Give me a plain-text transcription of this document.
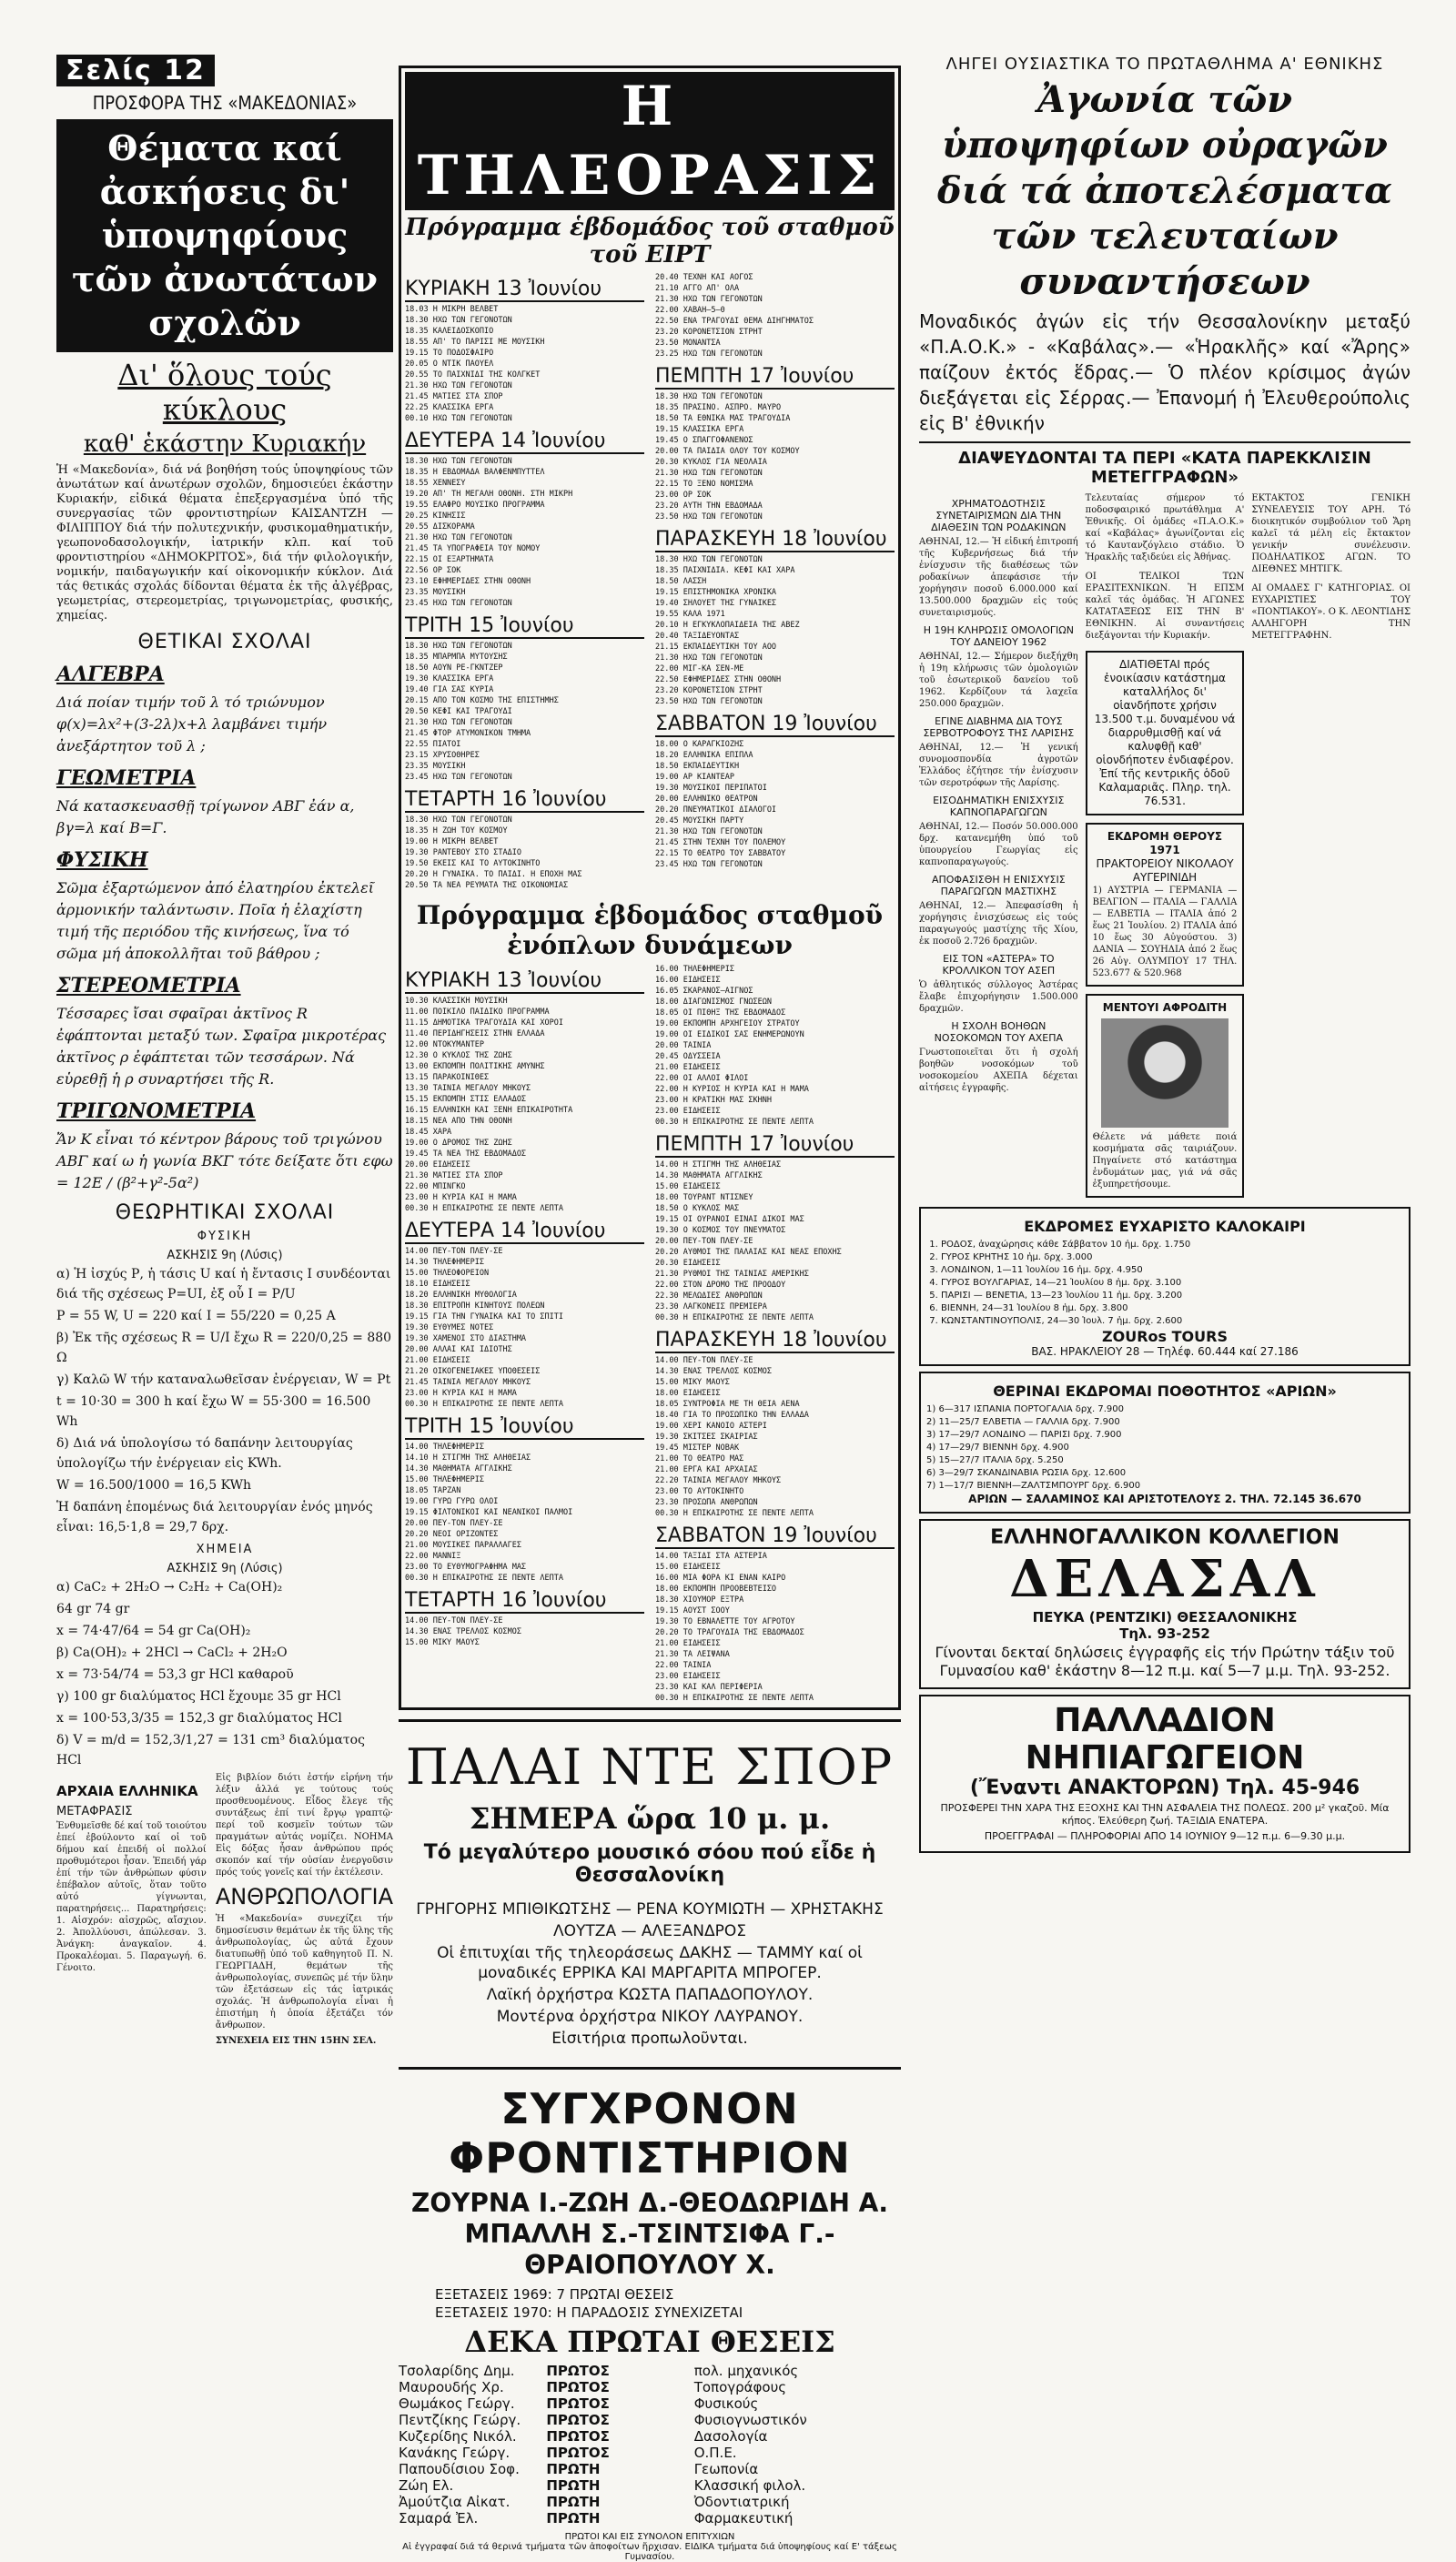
Σελίς 12
ΠΡΟΣΦΟΡΑ ΤΗΣ «ΜΑΚΕΔΟΝΙΑΣ»
Θέματα καί ἀσκήσεις δι' ὑποψηφίους τῶν ἀνωτάτων σχολῶν
Δι' ὅλους τούς κύκλους
καθ' ἑκάστην Κυριακήν

Ἡ «Μακεδονία», διά νά βοηθήση τούς ὑποψηφίους τῶν ἀνωτάτων καί ἀνωτέρων σχολῶν, δημοσιεύει ἑκάστην Κυριακήν, εἰδικά θέματα ἐπεξεργασμένα ὑπό τῆς συνεργασίας τῶν φροντιστηρίων ΚΑΙΣΑΝΤΖΗ — ΦΙΛΙΠΠΟΥ διά τήν πολυτεχνικήν, φυσικομαθηματικήν, γεωπονοδασολογικήν, ἰατρικήν κλπ. καί τοῦ φροντιστηρίου «ΔΗΜΟΚΡΙΤΟΣ», διά τήν φιλολογικήν, νομικήν, παιδαγωγικήν καί οἰκονομικήν κύκλον. Διά τάς θετικάς σχολάς δίδονται θέματα ἐκ τῆς ἀλγέβρας, γεωμετρίας, στερεομετρίας, τριγωνομετρίας, φυσικής, χημείας.

ΘΕΤΙΚΑΙ ΣΧΟΛΑΙ
ΑΛΓΕΒΡΑ
Διά ποίαν τιμήν τοῦ λ τό τριώνυμον φ(x)=λx²+(3-2λ)x+λ λαμβάνει τιμήν ἀνεξάρτητον τοῦ λ ;
ΓΕΩΜΕΤΡΙΑ
Νά κατασκευασθῇ τρίγωνον ΑΒΓ ἐάν α, βγ=λ καί Β=Γ.
ΦΥΣΙΚΗ
Σῶμα ἐξαρτώμενον ἀπό ἐλατηρίου ἐκτελεῖ ἁρμονικήν ταλάντωσιν. Ποῖα ἡ ἐλαχίστη τιμή τῆς περιόδου τῆς κινήσεως, ἵνα τό σῶμα μή ἀποκολλῆται τοῦ βάθρου ;
ΣΤΕΡΕΟΜΕΤΡΙΑ
Τέσσαρες ἴσαι σφαῖραι ἀκτῖνος R ἐφάπτονται μεταξύ των. Σφαῖρα μικροτέρας ἀκτῖνος ρ ἐφάπτεται τῶν τεσσάρων. Νά εὑρεθῇ ἡ ρ συναρτήσει τῆς R.
ΤΡΙΓΩΝΟΜΕΤΡΙΑ
Ἄν Κ εἶναι τό κέντρον βάρους τοῦ τριγώνου ΑΒΓ καί ω ἡ γωνία ΒΚΓ τότε δείξατε ὅτι εφω = 12Ε / (β²+γ²-5α²)
ΘΕΩΡΗΤΙΚΑΙ ΣΧΟΛΑΙ
ΦΥΣΙΚΗ
ΑΣΚΗΣΙΣ 9η (Λύσις)
α) Ἡ ἰσχύς Ρ, ἡ τάσις U καί ἡ ἔντασις Ι συνδέονται διά τῆς σχέσεως P=UI, ἐξ οὗ I = P/U
P = 55 W, U = 220 καί I = 55/220 = 0,25 A
β) Ἐκ τῆς σχέσεως R = U/I ἔχω R = 220/0,25 = 880 Ω
γ) Καλῶ W τήν καταναλωθεῖσαν ἐνέργειαν, W = Pt
t = 10·30 = 300 h καί ἔχω W = 55·300 = 16.500 Wh
δ) Διά νά ὑπολογίσω τό δαπάνην λειτουργίας ὑπολογίζω τήν ἐνέργειαν εἰς KWh.
W = 16.500/1000 = 16,5 KWh
Ἡ δαπάνη ἑπομένως διά λειτουργίαν ἑνός μηνός εἶναι: 16,5·1,8 = 29,7 δρχ.
ΧΗΜΕΙΑ
ΑΣΚΗΣΙΣ 9η (Λύσις)
α) CaC₂ + 2H₂O → C₂H₂ + Ca(OH)₂
64 gr 74 gr
x = 74·47/64 = 54 gr Ca(OH)₂
β) Ca(OH)₂ + 2HCl → CaCl₂ + 2H₂O
x = 73·54/74 = 53,3 gr HCl καθαροῦ
γ) 100 gr διαλύματος HCl ἔχουμε 35 gr HCl
x = 100·53,3/35 = 152,3 gr διαλύματος HCl
δ) V = m/d = 152,3/1,27 = 131 cm³ διαλύματος HCl
ΑΡΧΑΙΑ ΕΛΛΗΝΙΚΑ
ΜΕΤΑΦΡΑΣΙΣ
Ἐνθυμεῖσθε δέ καί τοῦ τοιούτου ἐπεί ἐβούλοντο καί οἱ τοῦ δήμου καί ἐπειδή οἱ πολλοί προθυμότεροι ἦσαν. Ἐπειδή γάρ ἐπί τήν τῶν ἀνθρώπων φύσιν ἐπέβαλον αὐτοῖς, ὅταν τοῦτο αὐτό γίγνωνται, παρατηρήσεις... Παρατηρήσεις: 1. Αἰσχρόν: αἰσχρῶς, αἴσχιον. 2. Ἀπολλύουσι, ἀπώλεσαν. 3. Ἀνάγκη: ἀναγκαῖον. 4. Προκαλέομαι. 5. Παραγωγή. 6. Γένοιτο.
Εἰς βιβλίον διότι ἐστήν εἰρήνη τήν λέξιν ἀλλά γε τούτους τούς προσθευομένους. Εἶδος ἔλεγε τῆς συντάξεως ἐπί τινί ἔργῳ γραπτῷ· περί τοῦ κοσμεῖν τούτων τῶν πραγμάτων αὐτάς νομίζει. ΝΟΗΜΑ Εἰς δόξας ἦσαν ἀνθρώπου πρός σκοπόν καί τήν οὐσίαν ἐνεργοῦσιν πρός τούς γονεῖς καί τήν ἐκτέλεσιν.
ΑΝΘΡΩΠΟΛΟΓΙΑ
Ἡ «Μακεδονία» συνεχίζει τήν δημοσίευσιν θεμάτων ἐκ τῆς ὕλης τῆς ἀνθρωπολογίας, ὡς αὐτά ἔχουν διατυπωθῇ ὑπό τοῦ καθηγητοῦ Π. Ν. ΓΕΩΡΓΙΑΔΗ, θεμάτων τῆς ἀνθρωπολογίας, συνεπῶς μέ τήν ὕλην τῶν ἐξετάσεων εἰς τάς ἰατρικάς σχολάς. Ἡ ἀνθρωπολογία εἶναι ἡ ἐπιστήμη ἡ ὁποία ἐξετάζει τόν ἄνθρωπον.
ΣΥΝΕΧΕΙΑ ΕΙΣ ΤΗΝ 15ΗΝ ΣΕΛ.
Η ΤΗΛΕΟΡΑΣΙΣ
Πρόγραμμα ἑβδομάδος τοῦ σταθμοῦ τοῦ ΕΙΡΤ
ΚΥΡΙΑΚΗ 13 Ἰουνίου
18.03 Η ΜΙΚΡΗ ΒΕΛΒΕΤ
18.30 ΗΧΩ ΤΩΝ ΓΕΓΟΝΟΤΩΝ
18.35 ΚΑΛΕΙΔΟΣΚΟΠΙΟ
18.55 ΑΠ' ΤΟ ΠΑΡΙΣΙ ΜΕ ΜΟΥΣΙΚΗ
19.15 ΤΟ ΠΟΔΟΣΦΑΙΡΟ
20.05 Ο ΝΤΙΚ ΠΑΟΥΕΛ
20.55 ΤΟ ΠΑΙΧΝΙΔΙ ΤΗΣ ΚΟΛΓΚΕΤ
21.30 ΗΧΩ ΤΩΝ ΓΕΓΟΝΟΤΩΝ
21.45 ΜΑΤΙΕΣ ΣΤΑ ΣΠΟΡ
22.25 ΚΛΑΣΣΙΚΑ ΕΡΓΑ
00.10 ΗΧΩ ΤΩΝ ΓΕΓΟΝΟΤΩΝ
ΔΕΥΤΕΡΑ 14 Ἰουνίου
18.30 ΗΧΩ ΤΩΝ ΓΕΓΟΝΟΤΩΝ
18.35 Η ΕΒΔΟΜΑΔΑ ΒΑΛΦΕΝΜΠΥΤΤΕΛ
18.55 ΧΕΝΝΕΣΥ
19.20 ΑΠ' ΤΗ ΜΕΓΑΛΗ ΟΘΟΝΗ. ΣΤΗ ΜΙΚΡΗ
19.55 ΕΛΑΦΡΟ ΜΟΥΣΙΚΟ ΠΡΟΓΡΑΜΜΑ
20.25 ΚΙΝΗΣΙΣ
20.55 ΔΙΣΚΟΡΑΜΑ
21.30 ΗΧΩ ΤΩΝ ΓΕΓΟΝΟΤΩΝ
21.45 ΤΑ ΥΠΟΓΡΑΦΕΙΑ ΤΟΥ ΝΟΜΟΥ
22.15 ΟΙ ΕΞΑΡΤΗΜΑΤΑ
22.56 ΟΡ ΣΟΚ
23.10 ΕΦΗΜΕΡΙΔΕΣ ΣΤΗΝ ΟΘΟΝΗ
23.35 ΜΟΥΣΙΚΗ
23.45 ΗΧΩ ΤΩΝ ΓΕΓΟΝΟΤΩΝ
ΤΡΙΤΗ 15 Ἰουνίου
18.30 ΗΧΩ ΤΩΝ ΓΕΓΟΝΟΤΩΝ
18.35 ΜΠΑΡΜΠΑ ΜΥΤΟΥΣΗΣ
18.50 ΑΟΥΝ ΡΕ-ΓΚΝΤΖΕΡ
19.30 ΚΛΑΣΣΙΚΑ ΕΡΓΑ
19.40 ΓΙΑ ΣΑΣ ΚΥΡΙΑ
20.15 ΑΠΟ ΤΟΝ ΚΟΣΜΟ ΤΗΣ ΕΠΙΣΤΗΜΗΣ
20.50 ΚΕΦΙ ΚΑΙ ΤΡΑΓΟΥΔΙ
21.30 ΗΧΩ ΤΩΝ ΓΕΓΟΝΟΤΩΝ
21.45 ΦΤΟΡ ΑΤΥΜΟΝΙΚΟΝ ΤΜΗΜΑ
22.55 ΠΙΑΤΟΙ
23.15 ΧΡΥΣΟΘΗΡΕΣ
23.35 ΜΟΥΣΙΚΗ
23.45 ΗΧΩ ΤΩΝ ΓΕΓΟΝΟΤΩΝ
ΤΕΤΑΡΤΗ 16 Ἰουνίου
18.30 ΗΧΩ ΤΩΝ ΓΕΓΟΝΟΤΩΝ
18.35 Η ΖΩΗ ΤΟΥ ΚΟΣΜΟΥ
19.00 Η ΜΙΚΡΗ ΒΕΛΒΕΤ
19.30 ΡΑΝΤΕΒΟΥ ΣΤΟ ΣΤΑΔΙΟ
19.50 ΕΚΕΙΣ ΚΑΙ ΤΟ ΑΥΤΟΚΙΝΗΤΟ
20.20 Η ΓΥΝΑΙΚΑ. ΤΟ ΠΑΙΔΙ. Η ΕΠΟΧΗ ΜΑΣ
20.50 ΤΑ ΝΕΑ ΡΕΥΜΑΤΑ ΤΗΣ ΟΙΚΟΝΟΜΙΑΣ
20.40 ΤΕΧΝΗ ΚΑΙ ΑΟΓΟΣ
21.10 ΑΓΓΟ ΑΠ' ΟΛΑ
21.30 ΗΧΩ ΤΩΝ ΓΕΓΟΝΟΤΩΝ
22.00 ΧΑΒΑΗ—5—0
22.50 ΕΝΑ ΤΡΑΓΟΥΔΙ ΘΕΜΑ ΔΙΗΓΗΜΑΤΟΣ
23.20 ΚΟΡΟΝΕΤΣΙΟΝ ΣΤΡΗΤ
23.50 ΜΟΝΑΝΤΣΑ
23.25 ΗΧΩ ΤΩΝ ΓΕΓΟΝΟΤΩΝ
ΠΕΜΠΤΗ 17 Ἰουνίου
18.30 ΗΧΩ ΤΩΝ ΓΕΓΟΝΟΤΩΝ
18.35 ΠΡΑΣΙΝΟ. ΑΣΠΡΟ. ΜΑΥΡΟ
18.50 ΤΑ ΕΘΝΙΚΑ ΜΑΣ ΤΡΑΓΟΥΔΙΑ
19.15 ΚΛΑΣΣΙΚΑ ΕΡΓΑ
19.45 Ο ΣΠΑΓΓΟΦΑΝΕΝΟΣ
20.00 ΤΑ ΠΑΙΔΙΑ ΟΛΟΥ ΤΟΥ ΚΟΣΜΟΥ
20.30 ΚΥΚΛΟΣ ΓΙΑ ΝΕΟΛΑΙΑ
21.30 ΗΧΩ ΤΩΝ ΓΕΓΟΝΟΤΩΝ
22.15 ΤΟ ΞΕΝΟ ΝΟΜΙΣΜΑ
23.00 ΟΡ ΣΟΚ
23.20 ΑΥΤΗ ΤΗΝ ΕΒΔΟΜΑΔΑ
23.50 ΗΧΩ ΤΩΝ ΓΕΓΟΝΟΤΩΝ
ΠΑΡΑΣΚΕΥΗ 18 Ἰουνίου
18.30 ΗΧΩ ΤΩΝ ΓΕΓΟΝΟΤΩΝ
18.35 ΠΑΙΧΝΙΔΙΑ. ΚΕΦΙ ΚΑΙ ΧΑΡΑ
18.50 ΛΑΣΣΗ
19.15 ΕΠΙΣΤΗΜΟΝΙΚΑ ΧΡΟΝΙΚΑ
19.40 ΣΗΛΟΥΕΤ ΤΗΣ ΓΥΝΑΙΚΕΣ
19.55 ΚΑΛΑ 1971
20.10 Η ΕΓΚΥΚΛΟΠΑΙΔΕΙΑ ΤΗΣ ΑΒΕΖ
20.40 ΤΑΞΙΔΕΥΟΝΤΑΣ
21.15 ΕΚΠΑΙΔΕΥΤΙΚΗ ΤΟΥ ΑΟΟ
21.30 ΗΧΩ ΤΩΝ ΓΕΓΟΝΟΤΩΝ
22.00 ΜΙΓ-ΚΑ ΣΕΝ-ΜΕ
22.50 ΕΦΗΜΕΡΙΔΕΣ ΣΤΗΝ ΟΘΟΝΗ
23.20 ΚΟΡΟΝΕΤΣΙΟΝ ΣΤΡΗΤ
23.50 ΗΧΩ ΤΩΝ ΓΕΓΟΝΟΤΩΝ
ΣΑΒΒΑΤΟΝ 19 Ἰουνίου
18.00 Ο ΚΑΡΑΓΚΙΟΖΗΣ
18.20 ΕΛΛΗΝΙΚΑ ΕΠΙΠΛΑ
18.50 ΕΚΠΑΙΔΕΥΤΙΚΗ
19.00 ΑΡ ΚΙΑΝΤΕΑΡ
19.30 ΜΟΥΣΙΚΟΙ ΠΕΡΙΠΑΤΟΙ
20.00 ΕΛΛΗΝΙΚΟ ΘΕΑΤΡΟΝ
20.20 ΠΝΕΥΜΑΤΙΚΟΙ ΔΙΑΛΟΓΟΙ
20.45 ΜΟΥΣΙΚΗ ΠΑΡΤΥ
21.30 ΗΧΩ ΤΩΝ ΓΕΓΟΝΟΤΩΝ
21.45 ΣΤΗΝ ΤΕΧΝΗ ΤΟΥ ΠΟΛΕΜΟΥ
22.15 ΤΟ ΘΕΑΤΡΟ ΤΟΥ ΣΑΒΒΑΤΟΥ
23.45 ΗΧΩ ΤΩΝ ΓΕΓΟΝΟΤΩΝ
Πρόγραμμα ἑβδομάδος σταθμοῦ ἐνόπλων δυνάμεων
ΚΥΡΙΑΚΗ 13 Ἰουνίου
10.30 ΚΛΑΣΣΙΚΗ ΜΟΥΣΙΚΗ
11.00 ΠΟΙΚΙΛΟ ΠΑΙΔΙΚΟ ΠΡΟΓΡΑΜΜΑ
11.15 ΔΗΜΟΤΙΚΑ ΤΡΑΓΟΥΔΙΑ ΚΑΙ ΧΟΡΟΙ
11.40 ΠΕΡΙΔΗΓΗΣΕΙΣ ΣΤΗΝ ΕΛΛΑΔΑ
12.00 ΝΤΟΚΥΜΑΝΤΕΡ
12.30 Ο ΚΥΚΛΟΣ ΤΗΣ ΖΩΗΣ
13.00 ΕΚΠΟΜΠΗ ΠΟΛΙΤΙΚΗΣ ΑΜΥΝΗΣ
13.15 ΠΑΡΑΚΟΙΝΙΘΕΣ
13.30 ΤΑΙΝΙΑ ΜΕΓΑΛΟΥ ΜΗΚΟΥΣ
15.15 ΕΚΠΟΜΠΗ ΣΤΙΣ ΕΛΛΑΔΟΣ
16.15 ΕΛΛΗΝΙΚΗ ΚΑΙ ΞΕΝΗ ΕΠΙΚΑΙΡΟΤΗΤΑ
18.15 ΝΕΑ ΑΠΟ ΤΗΝ ΟΘΟΝΗ
18.45 ΧΑΡΑ
19.00 Ο ΔΡΟΜΟΣ ΤΗΣ ΖΩΗΣ
19.45 ΤΑ ΝΕΑ ΤΗΣ ΕΒΔΟΜΑΔΟΣ
20.00 ΕΙΔΗΣΕΙΣ
21.30 ΜΑΤΙΕΣ ΣΤΑ ΣΠΟΡ
22.00 ΜΠΙΝΓΚΟ
23.00 Η ΚΥΡΙΑ ΚΑΙ Η ΜΑΜΑ
00.30 Η ΕΠΙΚΑΙΡΟΤΗΣ ΣΕ ΠΕΝΤΕ ΛΕΠΤΑ
ΔΕΥΤΕΡΑ 14 Ἰουνίου
14.00 ΠΕΥ-ΤΟΝ ΠΛΕΥ-ΣΕ
14.30 ΤΗΛΕΦΗΜΕΡΙΣ
15.00 ΤΗΛΕΟΦΟΡΕΙΟΝ
18.10 ΕΙΔΗΣΕΙΣ
18.20 ΕΛΛΗΝΙΚΗ ΜΥΘΟΛΟΓΙΑ
18.30 ΕΠΙΤΡΟΠΗ ΚΙΝΗΤΟΥΣ ΠΟΛΕΩΝ
19.15 ΓΙΑ ΤΗΝ ΓΥΝΑΙΚΑ ΚΑΙ ΤΟ ΣΠΙΤΙ
19.30 ΕΥΘΥΜΕΣ ΝΟΤΕΣ
19.30 ΧΑΜΕΝΟΙ ΣΤΟ ΔΙΑΣΤΗΜΑ
20.00 ΑΛΛΑΙ ΚΑΙ ΙΔΙΟΤΗΣ
21.00 ΕΙΔΗΣΕΙΣ
21.20 ΟΙΚΟΓΕΝΕΙΑΚΕΣ ΥΠΟΘΕΣΕΙΣ
21.45 ΤΑΙΝΙΑ ΜΕΓΑΛΟΥ ΜΗΚΟΥΣ
23.00 Η ΚΥΡΙΑ ΚΑΙ Η ΜΑΜΑ
00.30 Η ΕΠΙΚΑΙΡΟΤΗΣ ΣΕ ΠΕΝΤΕ ΛΕΠΤΑ
ΤΡΙΤΗ 15 Ἰουνίου
14.00 ΤΗΛΕΦΗΜΕΡΙΣ
14.10 Η ΣΤΙΓΜΗ ΤΗΣ ΑΛΗΘΕΙΑΣ
14.30 ΜΑΘΗΜΑΤΑ ΑΓΓΛΙΚΗΣ
15.00 ΤΗΛΕΦΗΜΕΡΙΣ
18.05 ΤΑΡΖΑΝ
19.00 ΓΥΡΩ ΓΥΡΩ ΟΛΟΙ
19.15 ΦΙΛΤΟΝΙΚΟΙ ΚΑΙ ΝΕΑΝΙΚΟΙ ΠΑΛΜΟΙ
20.00 ΠΕΥ-ΤΟΝ ΠΛΕΥ-ΣΕ
20.20 ΝΕΟΙ ΟΡΙΖΟΝΤΕΣ
21.00 ΜΟΥΣΙΚΕΣ ΠΑΡΑΛΛΑΓΕΣ
22.00 ΜΑΝΝΙΞ
23.00 ΤΟ ΕΥΘΥΜΟΓΡΑΦΗΜΑ ΜΑΣ
00.30 Η ΕΠΙΚΑΙΡΟΤΗΣ ΣΕ ΠΕΝΤΕ ΛΕΠΤΑ
ΤΕΤΑΡΤΗ 16 Ἰουνίου
14.00 ΠΕΥ-ΤΟΝ ΠΛΕΥ-ΣΕ
14.30 ΕΝΑΣ ΤΡΕΛΛΟΣ ΚΟΣΜΟΣ
15.00 ΜΙΚΥ ΜΑΟΥΣ
16.00 ΤΗΛΕΦΗΜΕΡΙΣ
16.00 ΕΙΔΗΣΕΙΣ
16.05 ΣΚΑΡΑΝΟΣ—ΑΙΓΝΟΣ
18.00 ΔΙΑΓΩΝΙΣΜΟΣ ΓΝΩΣΕΩΝ
18.05 ΟΙ ΠΙΘΗΞ ΤΗΣ ΕΒΔΟΜΑΔΟΣ
19.00 ΕΚΠΟΜΠΗ ΑΡΧΗΓΕΙΟΥ ΣΤΡΑΤΟΥ
19.00 ΟΙ ΕΙΔΙΚΟΙ ΣΑΣ ΕΝΗΜΕΡΩΝΟΥΝ
20.00 ΤΑΙΝΙΑ
20.45 ΟΔΥΣΣΕΙΑ
21.00 ΕΙΔΗΣΕΙΣ
22.00 ΟΙ ΑΛΛΟΙ ΦΙΛΟΙ
22.00 Η ΚΥΡΙΟΣ Η ΚΥΡΙΑ ΚΑΙ Η ΜΑΜΑ
23.00 Η ΚΡΑΤΙΚΗ ΜΑΣ ΣΚΗΝΗ
23.00 ΕΙΔΗΣΕΙΣ
00.30 Η ΕΠΙΚΑΙΡΟΤΗΣ ΣΕ ΠΕΝΤΕ ΛΕΠΤΑ
ΠΕΜΠΤΗ 17 Ἰουνίου
14.00 Η ΣΤΙΓΜΗ ΤΗΣ ΑΛΗΘΕΙΑΣ
14.30 ΜΑΘΗΜΑΤΑ ΑΓΓΛΙΚΗΣ
15.00 ΕΙΔΗΣΕΙΣ
18.00 ΤΟΥΡΑΝΤ ΝΤΙΣΝΕΥ
18.50 Ο ΚΥΚΛΟΣ ΜΑΣ
19.15 ΟΙ ΟΥΡΑΝΟΙ ΕΙΝΑΙ ΔΙΚΟΙ ΜΑΣ
19.30 Ο ΚΟΣΜΟΣ ΤΟΥ ΠΝΕΥΜΑΤΟΣ
20.00 ΠΕΥ-ΤΟΝ ΠΛΕΥ-ΣΕ
20.20 ΑΥΘΜΟΙ ΤΗΣ ΠΑΛΑΙΑΣ ΚΑΙ ΝΕΑΣ ΕΠΟΧΗΣ
20.30 ΕΙΔΗΣΕΙΣ
21.30 ΡΥΘΜΟΙ ΤΗΣ ΤΑΙΝΙΑΣ ΑΜΕΡΙΚΗΣ
22.00 ΣΤΟΝ ΔΡΟΜΟ ΤΗΣ ΠΡΟΟΔΟΥ
22.30 ΜΕΛΩΔΙΕΣ ΑΝΘΡΩΠΩΝ
23.30 ΛΑΓΚΟΝΕΙΣ ΠΡΕΜΙΕΡΑ
00.30 Η ΕΠΙΚΑΙΡΟΤΗΣ ΣΕ ΠΕΝΤΕ ΛΕΠΤΑ
ΠΑΡΑΣΚΕΥΗ 18 Ἰουνίου
14.00 ΠΕΥ-ΤΟΝ ΠΛΕΥ-ΣΕ
14.30 ΕΝΑΣ ΤΡΕΛΛΟΣ ΚΟΣΜΟΣ
15.00 ΜΙΚΥ ΜΑΟΥΣ
18.00 ΕΙΔΗΣΕΙΣ
18.05 ΣΥΝΤΡΟΦΙΑ ΜΕ ΤΗ ΘΕΙΑ ΑΕΝΑ
18.40 ΓΙΑ ΤΟ ΠΡΟΣΩΠΙΚΟ ΤΗΝ ΕΛΛΑΔΑ
19.00 ΧΕΡΙ ΚΑΝΟΙΟ ΑΣΤΕΡΙ
19.30 ΣΚΙΤΣΕΣ ΣΚΑΙΡΙΑΣ
19.45 ΜΙΣΤΕΡ ΝΟΒΑΚ
21.00 ΤΟ ΘΕΑΤΡΟ ΜΑΣ
21.00 ΕΡΓΑ ΚΑΙ ΑΡΧΑΙΑΣ
22.20 ΤΑΙΝΙΑ ΜΕΓΑΛΟΥ ΜΗΚΟΥΣ
23.00 ΤΟ ΑΥΤΟΚΙΝΗΤΟ
23.30 ΠΡΟΣΩΠΑ ΑΝΘΡΩΠΩΝ
00.30 Η ΕΠΙΚΑΙΡΟΤΗΣ ΣΕ ΠΕΝΤΕ ΛΕΠΤΑ
ΣΑΒΒΑΤΟΝ 19 Ἰουνίου
14.00 ΤΑΞΙΔΙ ΣΤΑ ΑΣΤΕΡΙΑ
15.00 ΕΙΔΗΣΕΙΣ
16.00 ΜΙΑ ΦΟΡΑ ΚΙ ΕΝΑΝ ΚΑΙΡΟ
18.00 ΕΚΠΟΜΠΗ ΠΡΟΟΒΕΒΤΕΙΣΟ
18.30 ΧΙΟΥΜΟΡ ΕΞΤΡΑ
19.15 ΑΟΥΣΤ ΣΟΟΥ
19.30 ΤΟ ΕΒΝΑΛΕΤΤΕ ΤΟΥ ΑΓΡΟΤΟΥ
20.20 ΤΟ ΤΡΑΓΟΥΔΙΑ ΤΗΣ ΕΒΔΟΜΑΔΟΣ
21.00 ΕΙΔΗΣΕΙΣ
21.30 ΤΑ ΛΕΙΨΑΝΑ
22.00 ΤΑΙΝΙΑ
23.00 ΕΙΔΗΣΕΙΣ
23.30 ΚΑΙ ΚΑΛ ΠΕΡΙΦΕΡΙΑ
00.30 Η ΕΠΙΚΑΙΡΟΤΗΣ ΣΕ ΠΕΝΤΕ ΛΕΠΤΑ
ΠΑΛΑΙ ΝΤΕ ΣΠΟΡ
ΣΗΜΕΡΑ ὥρα 10 μ. μ.
Τό μεγαλύτερο μουσικό σόου πού εἶδε ἡ Θεσσαλονίκη

ΓΡΗΓΟΡΗΣ ΜΠΙΘΙΚΩΤΣΗΣ — ΡΕΝΑ ΚΟΥΜΙΩΤΗ — ΧΡΗΣΤΑΚΗΣ

ΛΟΥΤΖΑ — ΑΛΕΞΑΝΔΡΟΣ

Οἱ ἐπιτυχίαι τῆς τηλεοράσεως ΔΑΚΗΣ — ΤΑΜΜΥ καί οἱ μοναδικές ΕΡΡΙΚΑ ΚΑΙ ΜΑΡΓΑΡΙΤΑ ΜΠΡΟΓΕΡ.

Λαϊκή ὀρχήστρα ΚΩΣΤΑ ΠΑΠΑΔΟΠΟΥΛΟΥ.

Μοντέρνα ὀρχήστρα ΝΙΚΟΥ ΛΑΥΡΑΝΟΥ.

Εἰσιτήρια προπωλοῦνται.

ΣΥΓΧΡΟΝΟΝ ΦΡΟΝΤΙΣΤΗΡΙΟΝ
ΖΟΥΡΝΑ Ι.-ΖΩΗ Δ.-ΘΕΟΔΩΡΙΔΗ Α.
ΜΠΑΛΛΗ Σ.-ΤΣΙΝΤΣΙΦΑ Γ.-ΘΡΑΙΟΠΟΥΛΟΥ Χ.
ΕΞΕΤΑΣΕΙΣ 1969: 7 ΠΡΩΤΑΙ ΘΕΣΕΙΣ
ΕΞΕΤΑΣΕΙΣ 1970: Η ΠΑΡΑΔΟΣΙΣ ΣΥΝΕΧΙΖΕΤΑΙ
ΔΕΚΑ ΠΡΩΤΑΙ ΘΕΣΕΙΣ
Τσολαρίδης Δημ.	ΠΡΩΤΟΣ	πολ. μηχανικός
Μαυρουδής Χρ.	ΠΡΩΤΟΣ	Τοπογράφους
Θωμάκος Γεώργ.	ΠΡΩΤΟΣ	Φυσικούς
Πεντζίκης Γεώργ.	ΠΡΩΤΟΣ	Φυσιογνωστικόν
Κυζερίδης Νικόλ.	ΠΡΩΤΟΣ	Δασολογία
Κανάκης Γεώργ.	ΠΡΩΤΟΣ	Ο.Π.Ε.
Παπουδίσιου Σοφ.	ΠΡΩΤΗ	Γεωπονία
Ζώη Ελ.	ΠΡΩΤΗ	Κλασσική φιλολ.
Ἀμούτζια Αἰκατ.	ΠΡΩΤΗ	Ὀδοντιατρική
Σαμαρά Ἐλ.	ΠΡΩΤΗ	Φαρμακευτική
ΠΡΩΤΟΙ ΚΑΙ ΕΙΣ ΣΥΝΟΛΟΝ ΕΠΙΤΥΧΙΩΝ
Αἱ ἐγγραφαί διά τά θερινά τμήματα τῶν ἀποφοίτων ἤρχισαν. ΕΙΔΙΚΑ τμήματα διά ὑποψηφίους καί Ε' τάξεως Γυμνασίου.
ΛΗΓΕΙ ΟΥΣΙΑΣΤΙΚΑ ΤΟ ΠΡΩΤΑΘΛΗΜΑ Α' ΕΘΝΙΚΗΣ
Ἀγωνία τῶν ὑποψηφίων οὐραγῶν διά τά ἀποτελέσματα τῶν τελευταίων συναντήσεων
Μοναδικός ἀγών εἰς τήν Θεσσαλονίκην μεταξύ «Π.Α.Ο.Κ.» - «Καβάλας».— «Ἡρακλῆς» καί «Ἄρης» παίζουν ἐκτός ἕδρας.— Ὁ πλέον κρίσιμος ἀγών διεξάγεται εἰς Σέρρας.— Ἐπανομή ἡ Ἐλευθερούπολις εἰς Β' ἐθνικήν
ΔΙΑΨΕΥΔΟΝΤΑΙ ΤΑ ΠΕΡΙ «ΚΑΤΑ ΠΑΡΕΚΚΛΙΣΙΝ ΜΕΤΕΓΓΡΑΦΩΝ»
ΧΡΗΜΑΤΟΔΟΤΗΣΙΣ ΣΥΝΕΤΑΙΡΙΣΜΩΝ ΔΙΑ ΤΗΝ ΔΙΑΘΕΣΙΝ ΤΩΝ ΡΟΔΑΚΙΝΩΝ
ΑΘΗΝΑΙ, 12.— Ἡ εἰδική ἐπιτροπή τῆς Κυβερνήσεως διά τήν ἐνίσχυσιν τῆς διαθέσεως τῶν ροδακίνων ἀπεφάσισε τήν χορήγησιν ποσοῦ 6.000.000 καί 13.500.000 δραχμῶν εἰς τούς συνεταιρισμούς.
Η 19Η ΚΛΗΡΩΣΙΣ ΟΜΟΛΟΓΙΩΝ ΤΟΥ ΔΑΝΕΙΟΥ 1962
ΑΘΗΝΑΙ, 12.— Σήμερον διεξήχθη ἡ 19η κλήρωσις τῶν ὁμολογιῶν τοῦ ἐσωτερικοῦ δανείου τοῦ 1962. Κερδίζουν τά λαχεῖα 250.000 δραχμῶν.
ΕΓΙΝΕ ΔΙΑΒΗΜΑ ΔΙΑ ΤΟΥΣ ΣΕΡΒΟΤΡΟΦΟΥΣ ΤΗΣ ΛΑΡΙΣΗΣ
ΑΘΗΝΑΙ, 12.— Ἡ γενική συνομοσπονδία ἀγροτῶν Ἑλλάδος ἐζήτησε τήν ἐνίσχυσιν τῶν σεροτρόφων τῆς Λαρίσης.
ΕΙΣΟΔΗΜΑΤΙΚΗ ΕΝΙΣΧΥΣΙΣ ΚΑΠΝΟΠΑΡΑΓΩΓΩΝ
ΑΘΗΝΑΙ, 12.— Ποσόν 50.000.000 δρχ. κατανεμήθη ὑπό τοῦ ὑπουργείου Γεωργίας εἰς καπνοπαραγωγούς.
ΑΠΟΦΑΣΙΣΘΗ Η ΕΝΙΣΧΥΣΙΣ ΠΑΡΑΓΩΓΩΝ ΜΑΣΤΙΧΗΣ
ΑΘΗΝΑΙ, 12.— Ἀπεφασίσθη ἡ χορήγησις ἐνισχύσεως εἰς τούς παραγωγούς μαστίχης τῆς Χίου, ἐκ ποσοῦ 2.726 δραχμῶν.
ΕΙΣ ΤΟΝ «ΑΣΤΕΡΑ» ΤΟ ΚΡΟΛΛΙΚΟΝ ΤΟΥ ΑΣΕΠ
Ὁ ἀθλητικός σύλλογος Ἀστέρας ἔλαβε ἐπιχορήγησιν 1.500.000 δραχμῶν.
Η ΣΧΟΛΗ ΒΟΗΘΩΝ ΝΟΣΟΚΟΜΩΝ ΤΟΥ ΑΧΕΠΑ
Γνωστοποιεῖται ὅτι ἡ σχολή βοηθῶν νοσοκόμων τοῦ νοσοκομείου ΑΧΕΠΑ δέχεται αἰτήσεις ἐγγραφῆς.
Τελευταίας σήμερον τό ποδοσφαιρικό πρωτάθλημα Α' Ἐθνικῆς. Οἱ ὁμάδες «Π.Α.Ο.Κ.» καί «Καβάλας» ἀγωνίζονται εἰς τό Καυτανζόγλειο στάδιο. Ὁ Ἡρακλῆς ταξιδεύει εἰς Ἀθήνας.
ΟΙ ΤΕΛΙΚΟΙ ΤΩΝ ΕΡΑΣΙΤΕΧΝΙΚΩΝ. Ἡ ΕΠΣΜ καλεῖ τάς ὁμάδας. Ἡ ΑΓΩΝΕΣ ΚΑΤΑΤΑΞΕΩΣ ΕΙΣ ΤΗΝ Β' ΕΘΝΙΚΗΝ. Αἱ συναντήσεις διεξάγονται τήν Κυριακήν.
ΔΙΑΤΙΘΕΤΑΙ πρός ἐνοικίασιν κατάστημα καταλλήλος δι' οἱανδήποτε χρήσιν 13.500 τ.μ. δυναμένου νά διαρρυθμισθῇ καί νά καλυφθῇ καθ' οἱονδήποτεν ἐνδιαφέρον. Ἐπί τῆς κεντρικῆς ὁδοῦ Καλαμαριᾶς. Πληρ. τηλ. 76.531.
ΕΚΔΡΟΜΗ ΘΕΡΟΥΣ 1971
ΠΡΑΚΤΟΡΕΙΟΥ ΝΙΚΟΛΑΟΥ ΑΥΓΕΡΙΝΙΔΗ
1) ΑΥΣΤΡΙΑ — ΓΕΡΜΑΝΙΑ — ΒΕΛΓΙΟΝ — ΙΤΑΛΙΑ — ΓΑΛΛΙΑ — ΕΛΒΕΤΙΑ — ΙΤΑΛΙΑ ἀπό 2 ἕως 21 Ἰουλίου. 2) ΙΤΑΛΙΑ ἀπό 10 ἕως 30 Αὐγούστου. 3) ΔΑΝΙΑ — ΣΟΥΗΔΙΑ ἀπό 2 ἕως 26 Αὐγ. ΟΛΥΜΠΟΥ 17 ΤΗΛ. 523.677 & 520.968
ΜΕΝΤΟΥΙ ΑΦΡΟΔΙΤΗ
Θέλετε νά μάθετε ποιά κοσμήματα σᾶς ταιριάζουν. Πηγαίνετε στό κατάστημα ἐνδυμάτων μας, γιά νά σᾶς ἐξυπηρετήσουμε.
ΕΚΤΑΚΤΟΣ ΓΕΝΙΚΗ ΣΥΝΕΛΕΥΣΙΣ ΤΟΥ ΑΡΗ. Τό διοικητικόν συμβούλιον τοῦ Ἄρη καλεῖ τά μέλη εἰς ἔκτακτον γενικήν συνέλευσιν. ΠΟΔΗΛΑΤΙΚΟΣ ΑΓΩΝ. ΤΟ ΔΙΕΘΝΕΣ ΜΗΤΙΓΚ.
ΑΙ ΟΜΑΔΕΣ Γ' ΚΑΤΗΓΟΡΙΑΣ. ΟΙ ΕΥΧΑΡΙΣΤΙΕΣ ΤΟΥ «ΠΟΝΤΙΑΚΟΥ». Ο Κ. ΛΕΟΝΤΙΔΗΣ ΑΛΛΗΓΟΡΗ ΤΗΝ ΜΕΤΕΓΓΡΑΦΗΝ.
ΕΚΔΡΟΜΕΣ ΕΥΧΑΡΙΣΤΟ ΚΑΛΟΚΑΙΡΙ
1. ΡΟΔΟΣ, ἀναχώρησις κάθε Σάββατον 10 ἡμ. δρχ. 1.750
2. ΓΥΡΟΣ ΚΡΗΤΗΣ 10 ἡμ. δρχ. 3.000
3. ΛΟΝΔΙΝΟΝ, 1—11 Ἰουλίου 16 ἡμ. δρχ. 4.950
4. ΓΥΡΟΣ ΒΟΥΛΓΑΡΙΑΣ, 14—21 Ἰουλίου 8 ἡμ. δρχ. 3.100
5. ΠΑΡΙΣΙ — ΒΕΝΕΤΙΑ, 13—23 Ἰουλίου 11 ἡμ. δρχ. 3.200
6. ΒΙΕΝΝΗ, 24—31 Ἰουλίου 8 ἡμ. δρχ. 3.800
7. ΚΩΝΣΤΑΝΤΙΝΟΥΠΟΛΙΣ, 24—30 Ἰουλ. 7 ἡμ. δρχ. 2.600
ZOURos TOURS
ΒΑΣ. ΗΡΑΚΛΕΙΟΥ 28 — Τηλέφ. 60.444 καί 27.186
ΘΕΡΙΝΑΙ ΕΚΔΡΟΜΑΙ ΠΟΘΟΤΗΤΟΣ «ΑΡΙΩΝ»
1) 6—317 ΙΣΠΑΝΙΑ ΠΟΡΤΟΓΑΛΙΑ δρχ. 7.900
2) 11—25/7 ΕΛΒΕΤΙΑ — ΓΑΛΛΙΑ δρχ. 7.900
3) 17—29/7 ΛΟΝΔΙΝΟ — ΠΑΡΙΣΙ δρχ. 7.900
4) 17—29/7 ΒΙΕΝΝΗ δρχ. 4.900
5) 15—27/7 ΙΤΑΛΙΑ δρχ. 5.250
6) 3—29/7 ΣΚΑΝΔΙΝΑΒΙΑ ΡΩΣΙΑ δρχ. 12.600
7) 1—17/7 ΒΙΕΝΝΗ—ΖΑΛΤΣΜΠΟΥΡΓ δρχ. 6.900
ΑΡΙΩΝ — ΣΑΛΑΜΙΝΟΣ ΚΑΙ ΑΡΙΣΤΟΤΕΛΟΥΣ 2. ΤΗΛ. 72.145 36.670
ΕΛΛΗΝΟΓΑΛΛΙΚΟΝ ΚΟΛΛΕΓΙΟΝ
ΔΕΛΑΣΑΛ
ΠΕΥΚΑ (ΡΕΝΤΖΙΚΙ) ΘΕΣΣΑΛΟΝΙΚΗΣ
Τηλ. 93-252

Γίνονται δεκταί δηλώσεις ἐγγραφῆς εἰς τήν Πρώτην τάξιν τοῦ Γυμνασίου καθ' ἑκάστην 8—12 π.μ. καί 5—7 μ.μ. Τηλ. 93-252.

ΠΑΛΛΑΔΙΟΝ ΝΗΠΙΑΓΩΓΕΙΟΝ
(Ἔναντι ΑΝΑΚΤΟΡΩΝ) Τηλ. 45-946

ΠΡΟΣΦΕΡΕΙ ΤΗΝ ΧΑΡΑ ΤΗΣ ΕΞΟΧΗΣ ΚΑΙ ΤΗΝ ΑΣΦΑΛΕΙΑ ΤΗΣ ΠΟΛΕΩΣ. 200 μ² γκαζοῦ. Μία κήπος. Ἐλεύθερη ζωή. ΤΑΞΙΔΙΑ ΕΝΑΤΕΡΑ.

ΠΡΟΕΓΓΡΑΦΑΙ — ΠΛΗΡΟΦΟΡΙΑΙ ΑΠΟ 14 ΙΟΥΝΙΟΥ 9—12 π.μ. 6—9.30 μ.μ.
